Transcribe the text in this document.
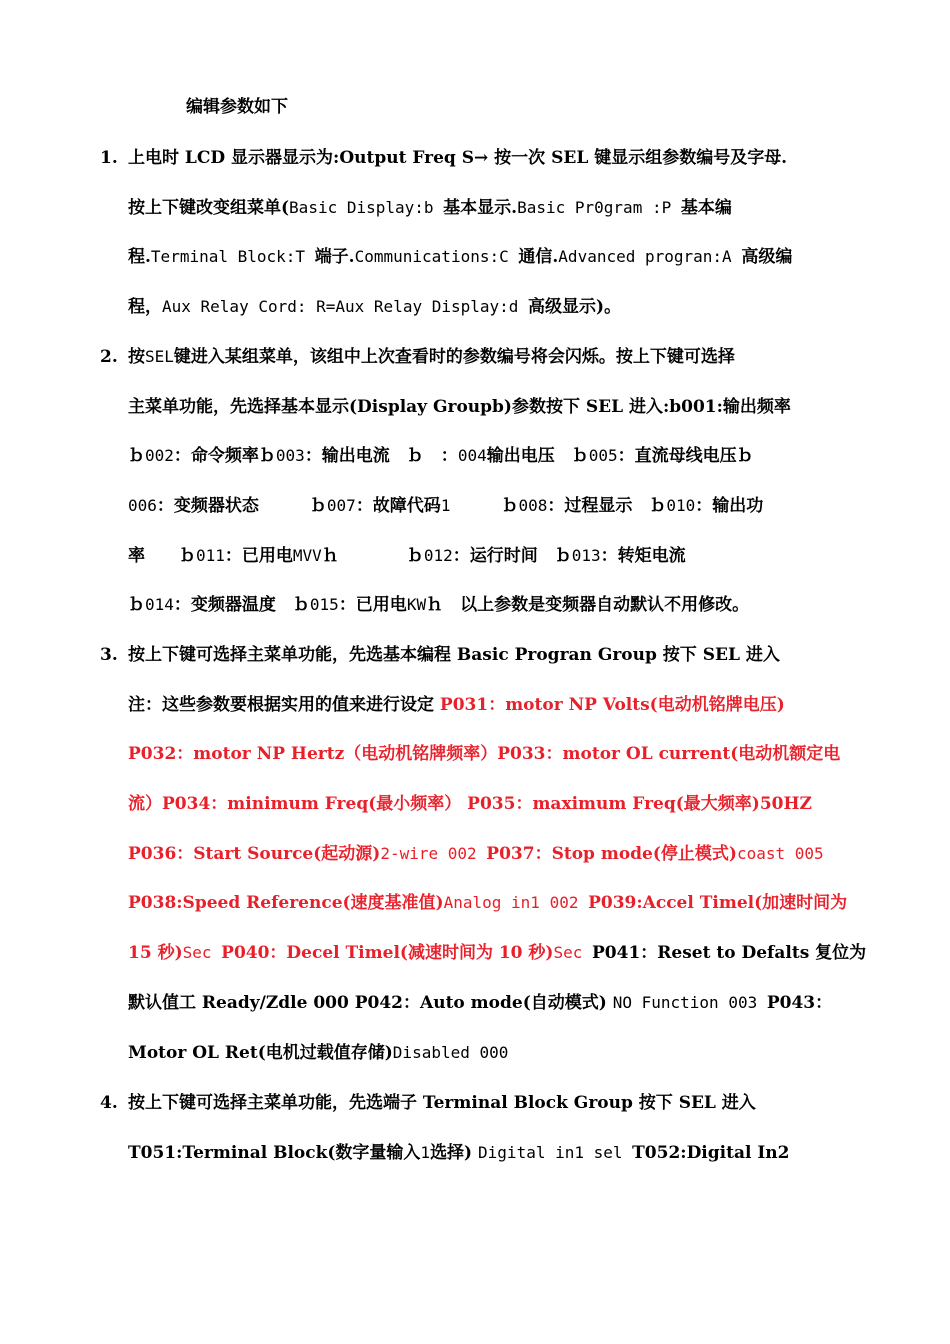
编辑参数如下
1. 上电时 LCD 显示器显示为:Output Freq S→ 按一次 SEL 键显示组参数编号及字母.
按上下键改变组菜单(Basic Display:b 基本显示.Basic Pr0gram :P 基本编
程.Terminal Block:T 端子.Communications:C 通信.Advanced progran:A 高级编
程，Aux Relay Cord: R=Aux Relay Display:d 高级显示)。
2. 按SEL键进入某组菜单，该组中上次查看时的参数编号将会闪烁。按上下键可选择
主菜单功能，先选择基本显示(Display Groupb)参数按下 SEL 进入:b001:输出频率
ｂ002：命令频率ｂ003：输出电流　ｂ　：004输出电压　ｂ005：直流母线电压ｂ
006：变频器状态　　　ｂ007：故障代码1　　　ｂ008：过程显示　ｂ010：输出功
率　　ｂ011：已用电MVVｈ　　　　ｂ012：运行时间　ｂ013：转矩电流
ｂ014：变频器温度　ｂ015：已用电KWｈ　以上参数是变频器自动默认不用修改。
3. 按上下键可选择主菜单功能，先选基本编程 Basic Progran Group 按下 SEL 进入
注：这些参数要根据实用的值来进行设定 P031：motor NP Volts(电动机铭牌电压)
P032：motor NP Hertz（电动机铭牌频率）P033：motor OL current(电动机额定电
流）P034：minimum Freq(最小频率） P035：maximum Freq(最大频率)50HZ
P036：Start Source(起动源)2-wire 002 P037：Stop mode(停止模式)coast 005
P038:Speed Reference(速度基准值)Analog in1 002 P039:Accel Timel(加速时间为
15 秒)Sec P040：Decel Timel(减速时间为 10 秒)Sec P041：Reset to Defalts 复位为
默认值工 Ready/Zdle 000 P042：Auto mode(自动模式) NO Function 003 P043：
Motor OL Ret(电机过载值存储)Disabled 000
4. 按上下键可选择主菜单功能，先选端子 Terminal Block Group 按下 SEL 进入
T051:Terminal Block(数字量输入1选择) Digital in1 sel T052:Digital In2
